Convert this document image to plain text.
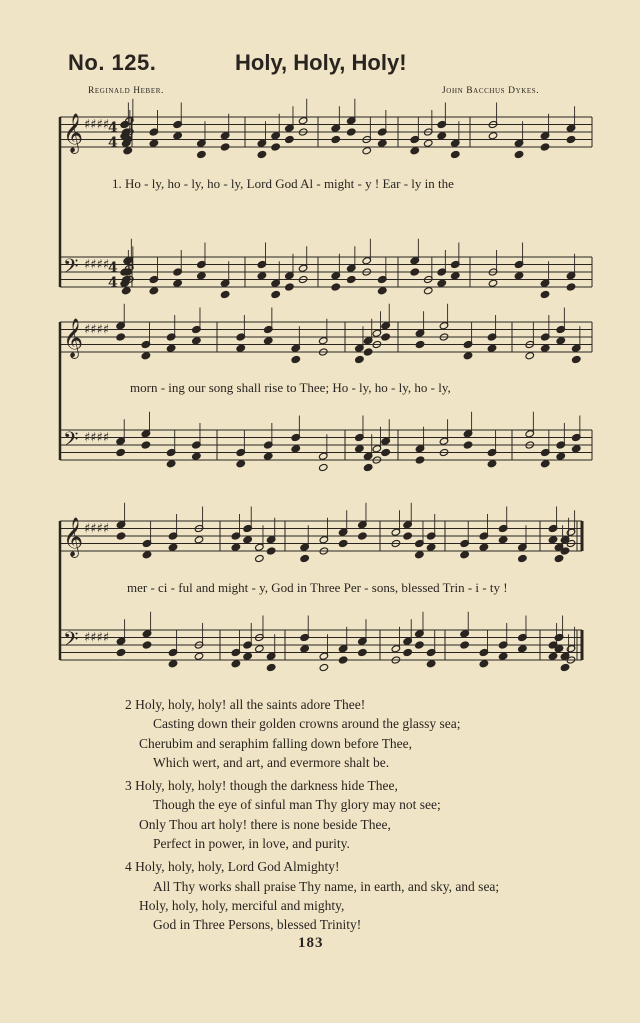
No. 125.	Holy, Holy, Holy!
Reginald Heber.	John Bacchus Dykes.
𝄞 ♯♯♯♯
4
4
𝄢 ♯♯♯♯
4
4
𝄞 ♯♯♯♯
𝄢 ♯♯♯♯
𝄞 ♯♯♯♯
𝄢 ♯♯♯♯
1. Ho - ly, ho - ly, ho - ly, Lord God Al - might - y ! Ear - ly in the
morn - ing our song shall rise to Thee; Ho - ly, ho - ly, ho - ly,
mer - ci - ful and might - y, God in Three Per - sons, blessed Trin - i - ty !
2 Holy, holy, holy! all the saints adore Thee!
Casting down their golden crowns around the glassy sea;
Cherubim and seraphim falling down before Thee,
Which wert, and art, and evermore shalt be.
3 Holy, holy, holy! though the darkness hide Thee,
Though the eye of sinful man Thy glory may not see;
Only Thou art holy! there is none beside Thee,
Perfect in power, in love, and purity.
4 Holy, holy, holy, Lord God Almighty!
All Thy works shall praise Thy name, in earth, and sky, and sea;
Holy, holy, holy, merciful and mighty,
God in Three Persons, blessed Trinity!
183
